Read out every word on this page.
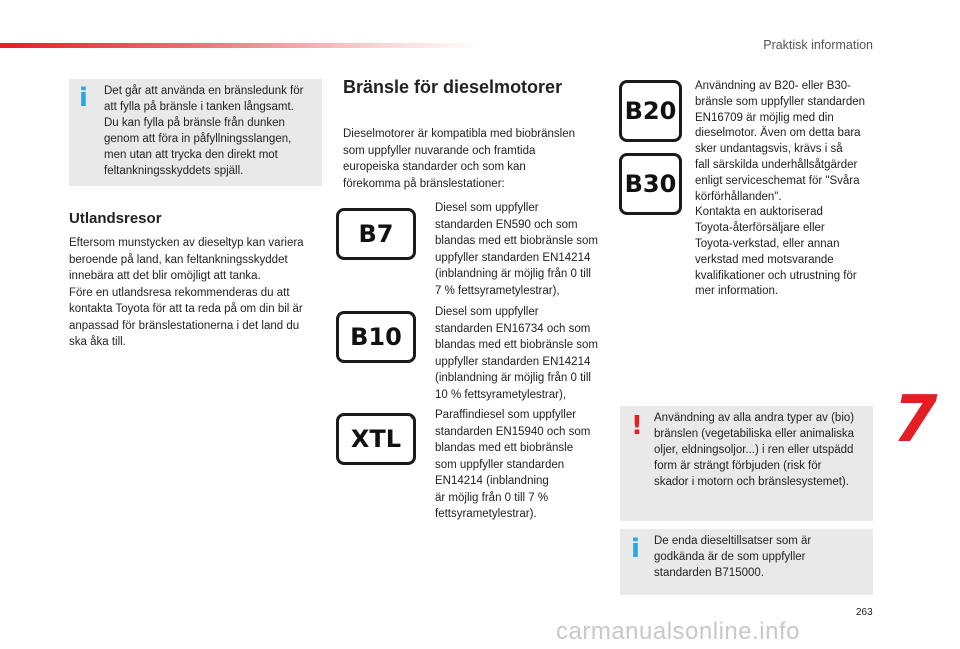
Praktisk information
i Det går att använda en bränsledunk för
att fylla på bränsle i tanken långsamt.
Du kan fylla på bränsle från dunken
genom att föra in påfyllningsslangen,
men utan att trycka den direkt mot
feltankningsskyddets spjäll.
Utlandsresor
Eftersom munstycken av dieseltyp kan variera
beroende på land, kan feltankningsskyddet
innebära att det blir omöjligt att tanka.
Före en utlandsresa rekommenderas du att
kontakta Toyota för att ta reda på om din bil är
anpassad för bränslestationerna i det land du
ska åka till.
Bränsle för dieselmotorer
Dieselmotorer är kompatibla med biobränslen
som uppfyller nuvarande och framtida
europeiska standarder och som kan
förekomma på bränslestationer:
B7
- Diesel som uppfyller
standarden EN590 och som
blandas med ett biobränsle som
uppfyller standarden EN14214
(inblandning är möjlig från 0 till
7 % fettsyrametylestrar),
B10
- Diesel som uppfyller
standarden EN16734 och som
blandas med ett biobränsle som
uppfyller standarden EN14214
(inblandning är möjlig från 0 till
10 % fettsyrametylestrar),
XTL
- Paraffindiesel som uppfyller
standarden EN15940 och som
blandas med ett biobränsle
som uppfyller standarden
EN14214 (inblandning
är möjlig från 0 till 7 %
fettsyrametylestrar).
B20
B30
Användning av B20- eller B30-
bränsle som uppfyller standarden
EN16709 är möjlig med din
dieselmotor. Även om detta bara
sker undantagsvis, krävs i så
fall särskilda underhållsåtgärder
enligt serviceschemat för "Svåra
körförhållanden".
Kontakta en auktoriserad
Toyota-återförsäljare eller
Toyota-verkstad, eller annan
verkstad med motsvarande
kvalifikationer och utrustning för
mer information.
! Användning av alla andra typer av (bio)
bränslen (vegetabiliska eller animaliska
oljer, eldningsoljor...) i ren eller utspädd
form är strängt förbjuden (risk för
skador i motorn och bränslesystemet).
i De enda dieseltillsatser som är
godkända är de som uppfyller
standarden B715000.
7
263
carmanualsonline.info
